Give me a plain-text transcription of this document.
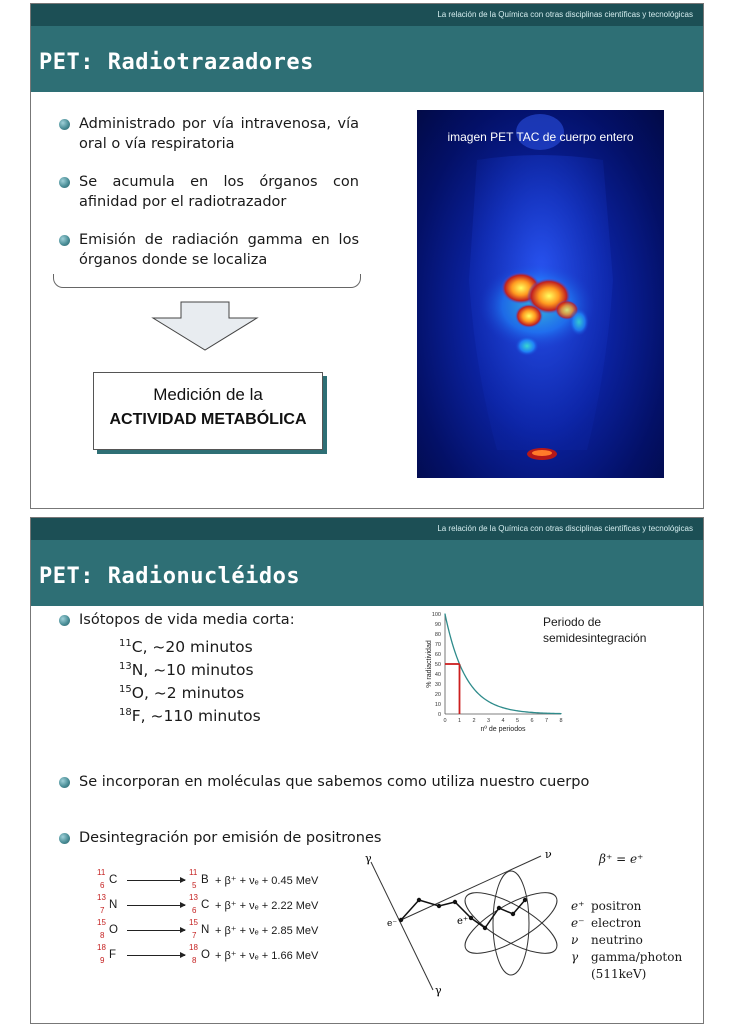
La relación de la Química con otras disciplinas científicas y tecnológicas
PET: Radiotrazadores
Administrado por vía intravenosa, vía oral o vía respiratoria
Se acumula en los órganos con afinidad por el radiotrazador
Emisión de radiación gamma en los órganos donde se localiza
Medición de la
ACTIVIDAD METABÓLICA
imagen PET TAC de cuerpo entero
La relación de la Química con otras disciplinas científicas y tecnológicas
PET: Radionucléidos
Isótopos de vida media corta:
$^{11}$C, ~20 minutos
$^{13}$N, ~10 minutos
$^{15}$O, ~2 minutos
$^{18}$F, ~110 minutos	0
10
20
30
40
50
60
70
80
90
100
0 1 2 3 4 5 6 7 8
nº de periodos
% radiactividad
Periodo de
semidesintegración
Se incorporan en moléculas que sabemos como utiliza nuestro cuerpo
Desintegración por emisión de positrones
11
6 C
11
5 B + β⁺ + νₑ + 0.45 MeV
13
7 N
13
6 C + β⁺ + νₑ + 2.22 MeV
15
8 O
15
7 N + β⁺ + νₑ + 2.85 MeV
18
9 F
18
8 O + β⁺ + νₑ + 1.66 MeV
γ
γ
ν
e⁺
e⁻
β⁺ = e⁺
e⁺ positron
e⁻ electron
ν neutrino
γ gamma/photon
(511keV)
